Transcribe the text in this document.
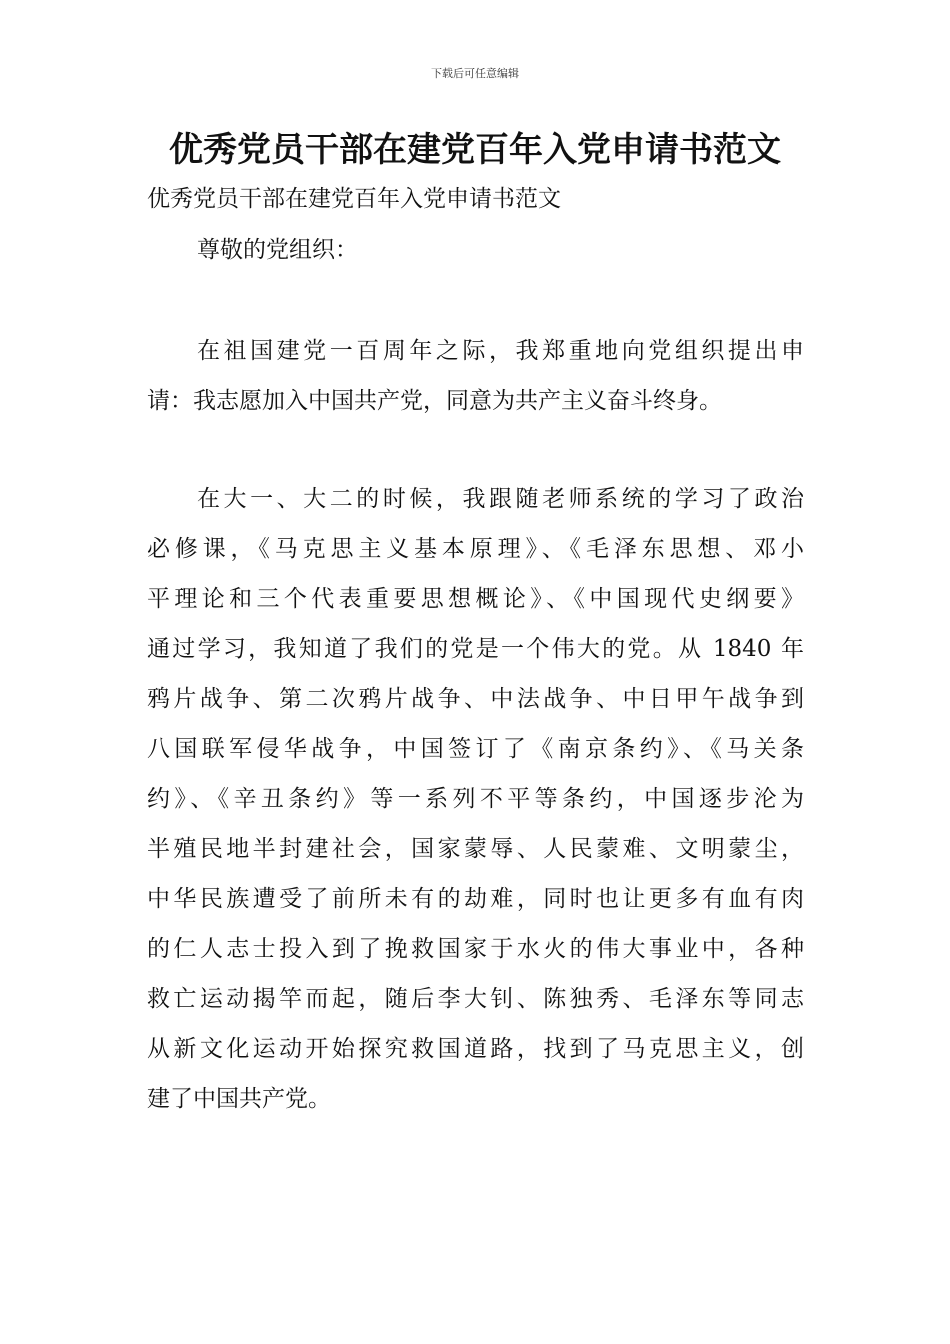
下载后可任意编辑
优秀党员干部在建党百年入党申请书范文

优秀党员干部在建党百年入党申请书范文

尊敬的党组织：

在祖国建党一百周年之际，我郑重地向党组织提出申

请：我志愿加入中国共产党，同意为共产主义奋斗终身。

在大一、大二的时候，我跟随老师系统的学习了政治

必修课，《马克思主义基本原理》、《毛泽东思想、邓小

平理论和三个代表重要思想概论》、《中国现代史纲要》

通过学习，我知道了我们的党是一个伟大的党。从 1840 年

鸦片战争、第二次鸦片战争、中法战争、中日甲午战争到

八国联军侵华战争，中国签订了《南京条约》、《马关条

约》、《辛丑条约》等一系列不平等条约，中国逐步沦为

半殖民地半封建社会，国家蒙辱、人民蒙难、文明蒙尘，

中华民族遭受了前所未有的劫难，同时也让更多有血有肉

的仁人志士投入到了挽救国家于水火的伟大事业中，各种

救亡运动揭竿而起，随后李大钊、陈独秀、毛泽东等同志

从新文化运动开始探究救国道路，找到了马克思主义，创

建了中国共产党。
